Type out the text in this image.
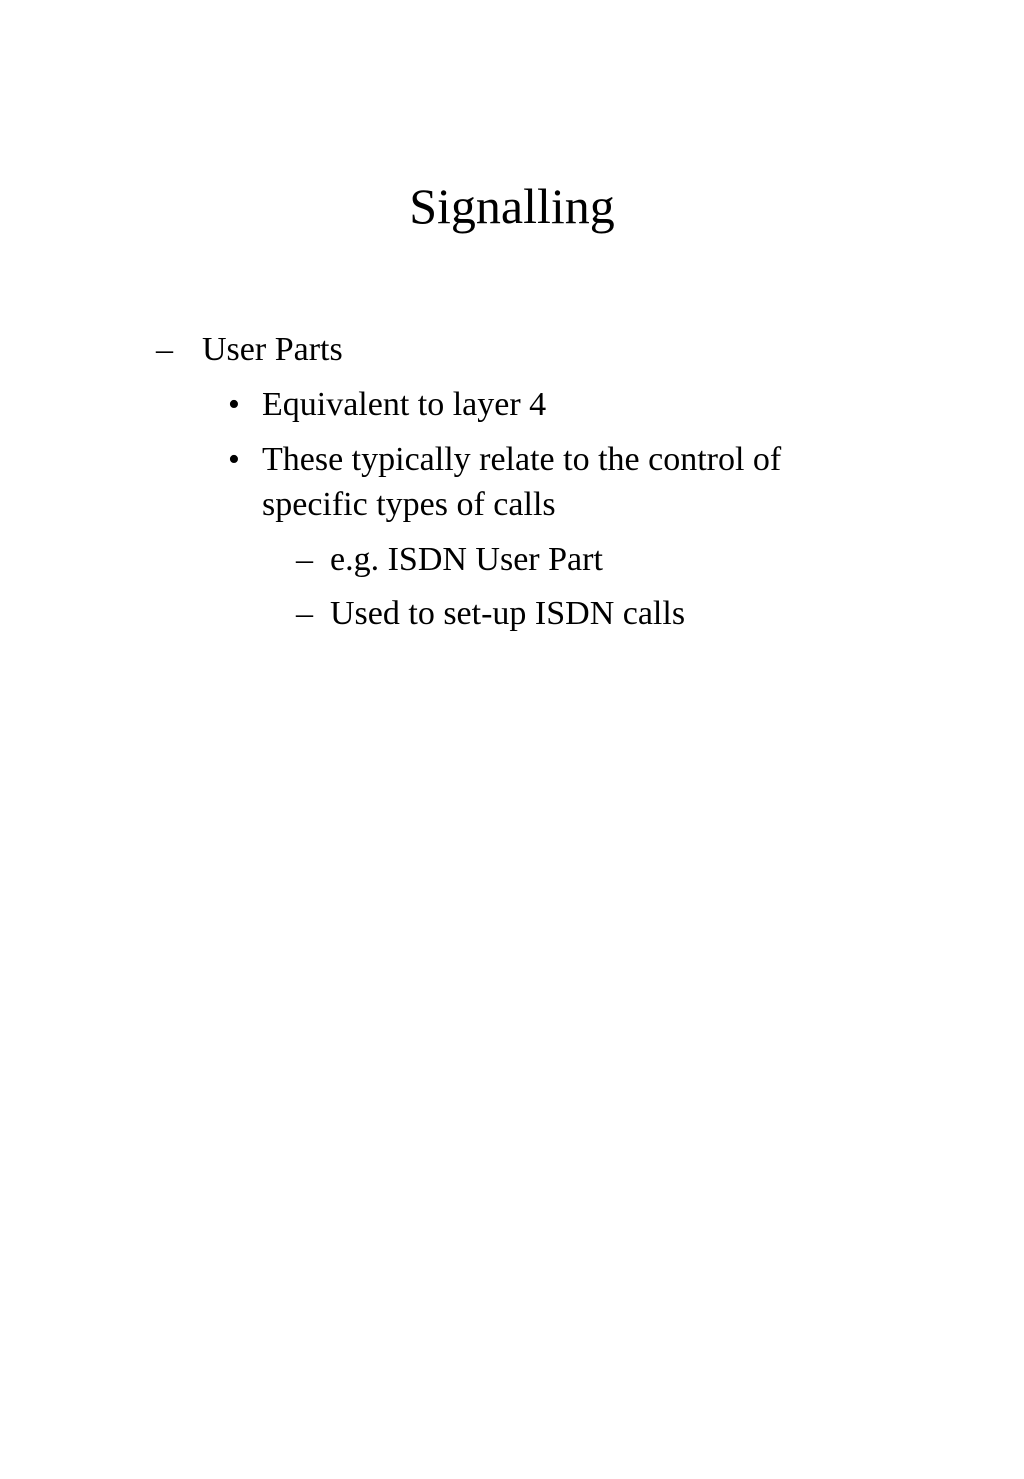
Signalling
– User Parts
• Equivalent to layer 4
• These typically relate to the control of
specific types of calls
– e.g. ISDN User Part
– Used to set-up ISDN calls
